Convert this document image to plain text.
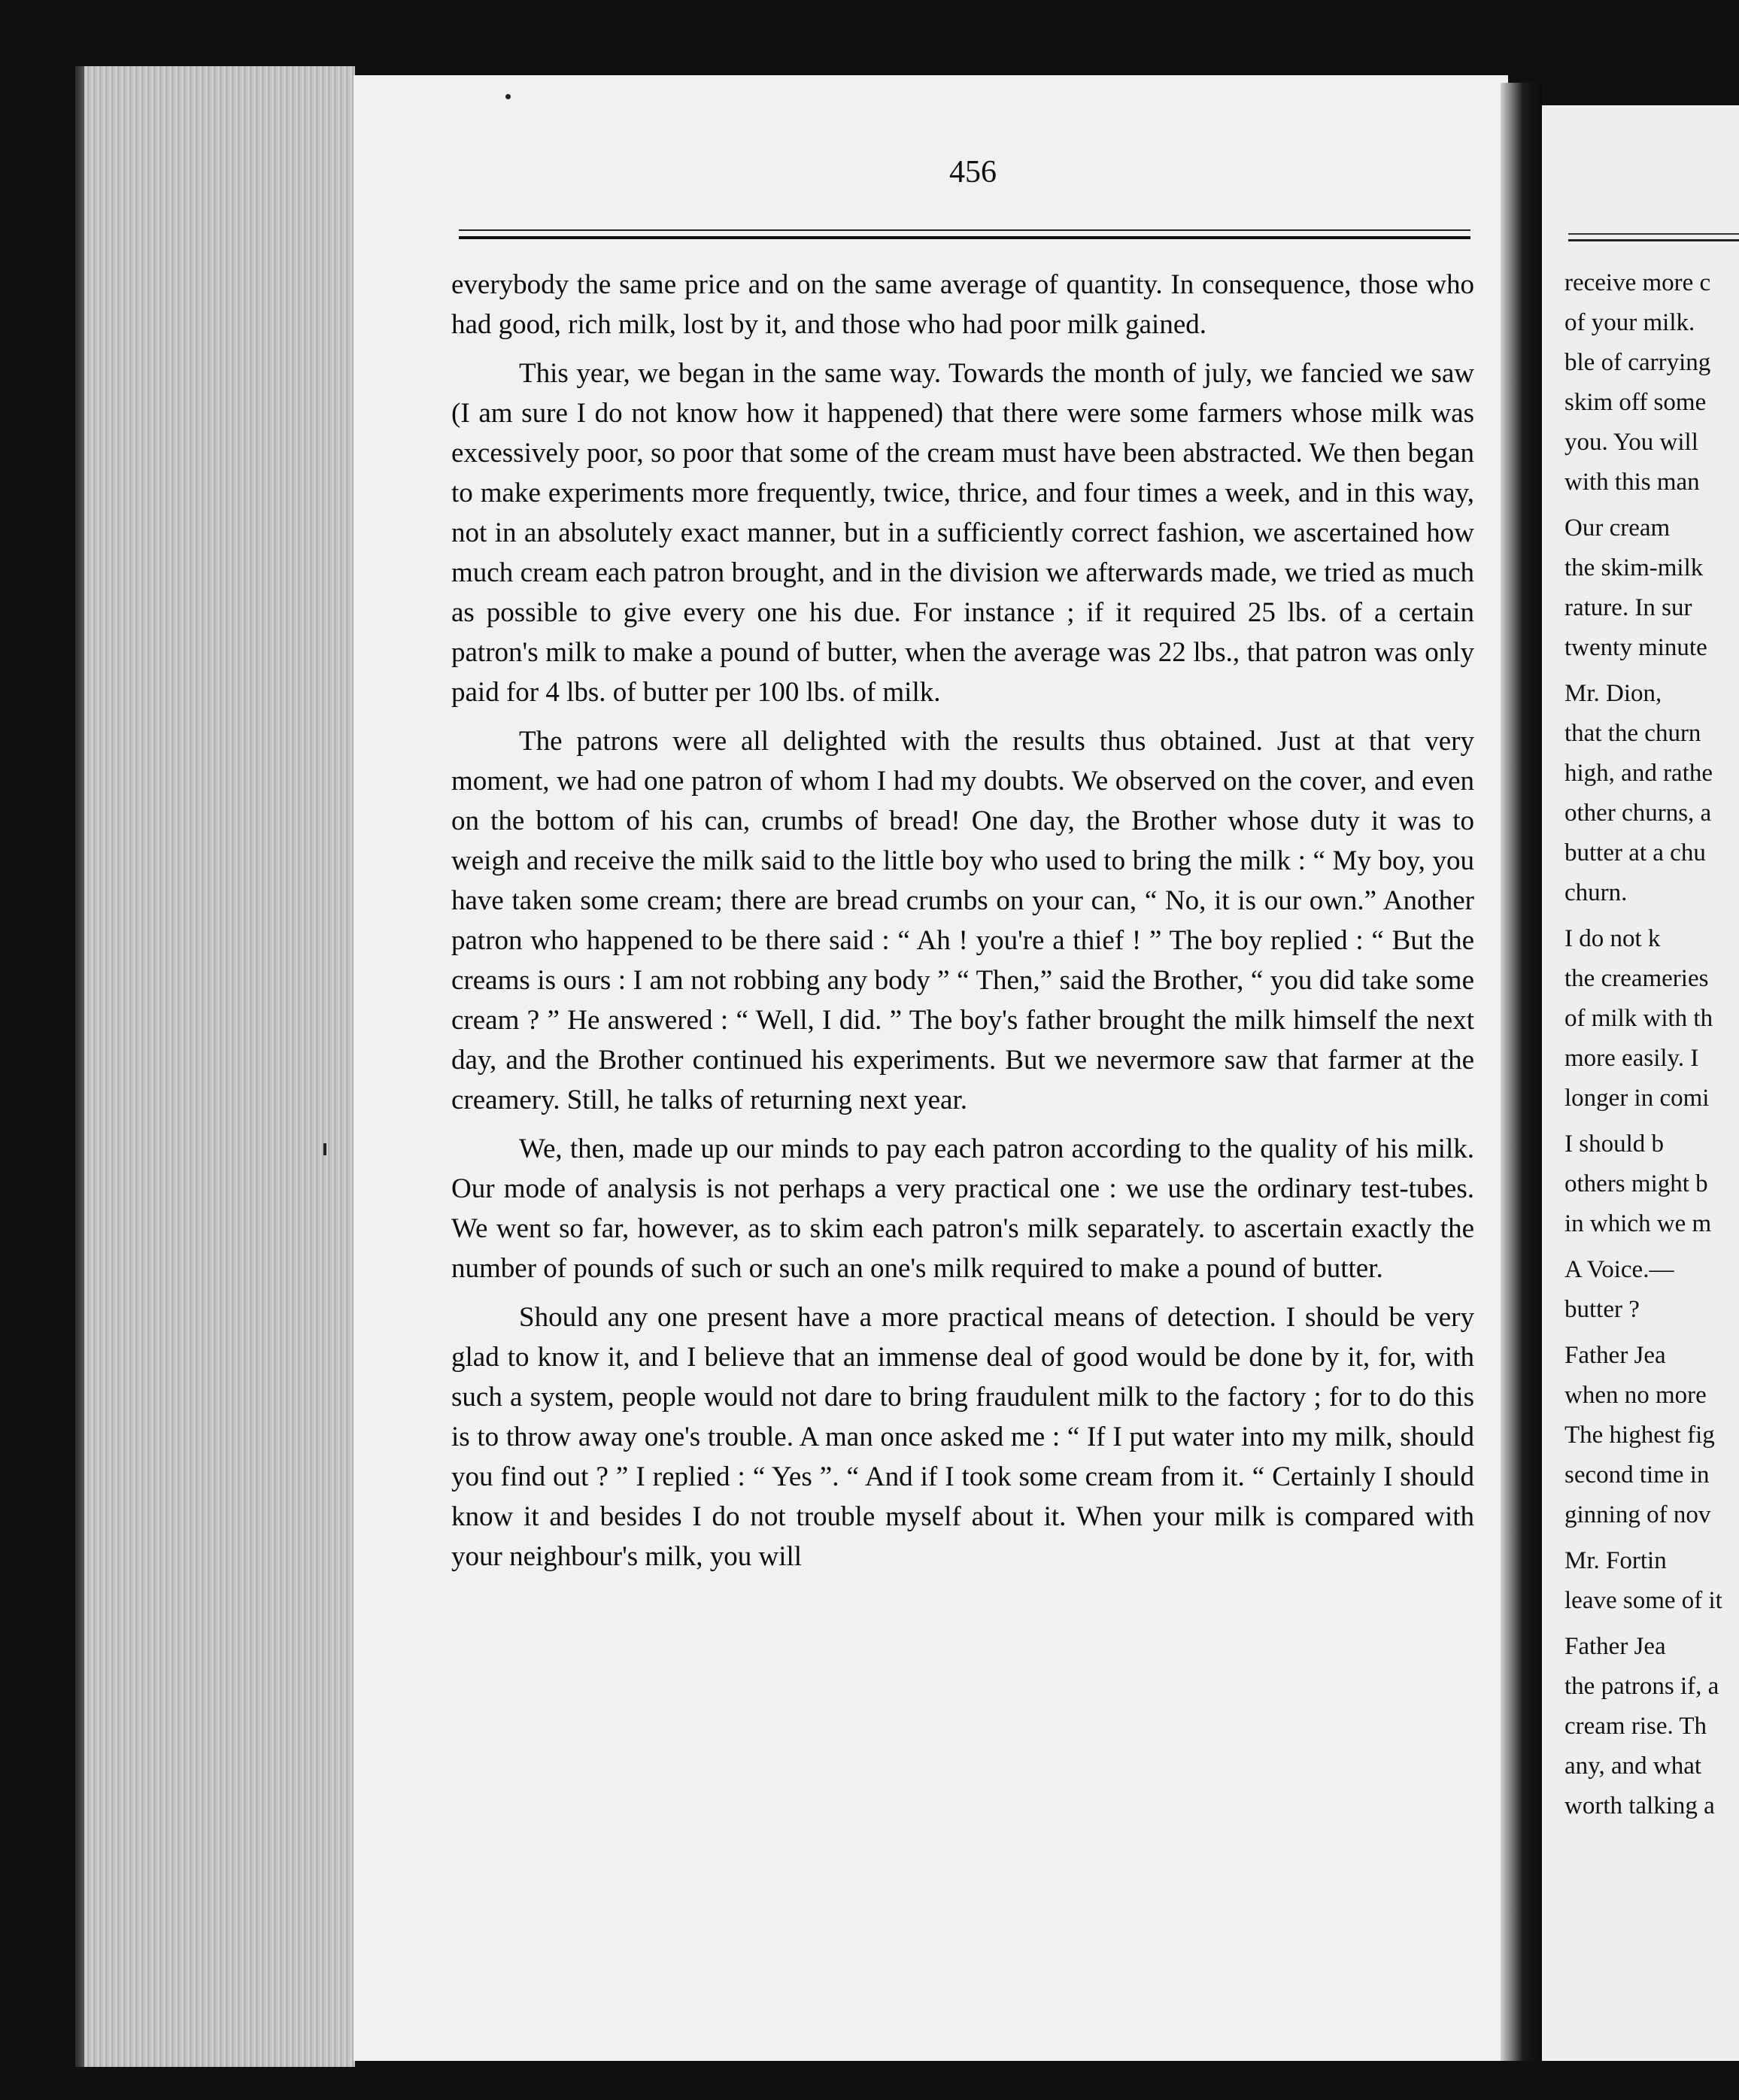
456

everybody the same price and on the same average of quantity. In consequence, those who had good, rich milk, lost by it, and those who had poor milk gained.

This year, we began in the same way. Towards the month of july, we fancied we saw (I am sure I do not know how it happened) that there were some farmers whose milk was excessively poor, so poor that some of the cream must have been abstracted. We then began to make experiments more frequently, twice, thrice, and four times a week, and in this way, not in an absolutely exact manner, but in a sufficiently correct fashion, we ascertained how much cream each patron brought, and in the division we afterwards made, we tried as much as possible to give every one his due. For instance ; if it required 25 lbs. of a certain patron's milk to make a pound of butter, when the average was 22 lbs., that patron was only paid for 4 lbs. of butter per 100 lbs. of milk.

The patrons were all delighted with the results thus obtained. Just at that very moment, we had one patron of whom I had my doubts. We observed on the cover, and even on the bottom of his can, crumbs of bread! One day, the Brother whose duty it was to weigh and receive the milk said to the little boy who used to bring the milk : “ My boy, you have taken some cream; there are bread crumbs on your can, “ No, it is our own.” Another patron who happened to be there said : “ Ah ! you're a thief ! ” The boy replied : “ But the creams is ours : I am not robbing any body ” “ Then,” said the Brother, “ you did take some cream ? ” He answered : “ Well, I did. ” The boy's father brought the milk himself the next day, and the Brother continued his experiments. But we nevermore saw that farmer at the creamery. Still, he talks of returning next year.

We, then, made up our minds to pay each patron according to the quality of his milk. Our mode of analysis is not perhaps a very practical one : we use the ordinary test-tubes. We went so far, however, as to skim each patron's milk separately. to ascertain exactly the number of pounds of such or such an one's milk required to make a pound of butter.

Should any one present have a more practical means of detection. I should be very glad to know it, and I believe that an immense deal of good would be done by it, for, with such a system, people would not dare to bring fraudulent milk to the factory ; for to do this is to throw away one's trouble. A man once asked me : “ If I put water into my milk, should you find out ? ” I replied : “ Yes ”. “ And if I took some cream from it. “ Certainly I should know it and besides I do not trouble myself about it. When your milk is compared with your neighbour's milk, you will

receive more c
of your milk.
ble of carrying
skim off some
you. You will
with this man
Our cream
the skim-milk
rature. In sur
twenty minute
Mr. Dion,
that the churn
high, and rathe
other churns, a
butter at a chu
churn.
I do not k
the creameries
of milk with th
more easily. I
longer in comi
I should b
others might b
in which we m
A Voice.—
butter ?
Father Jea
when no more
The highest fig
second time in
ginning of nov
Mr. Fortin
leave some of it
Father Jea
the patrons if, a
cream rise. Th
any, and what
worth talking a
